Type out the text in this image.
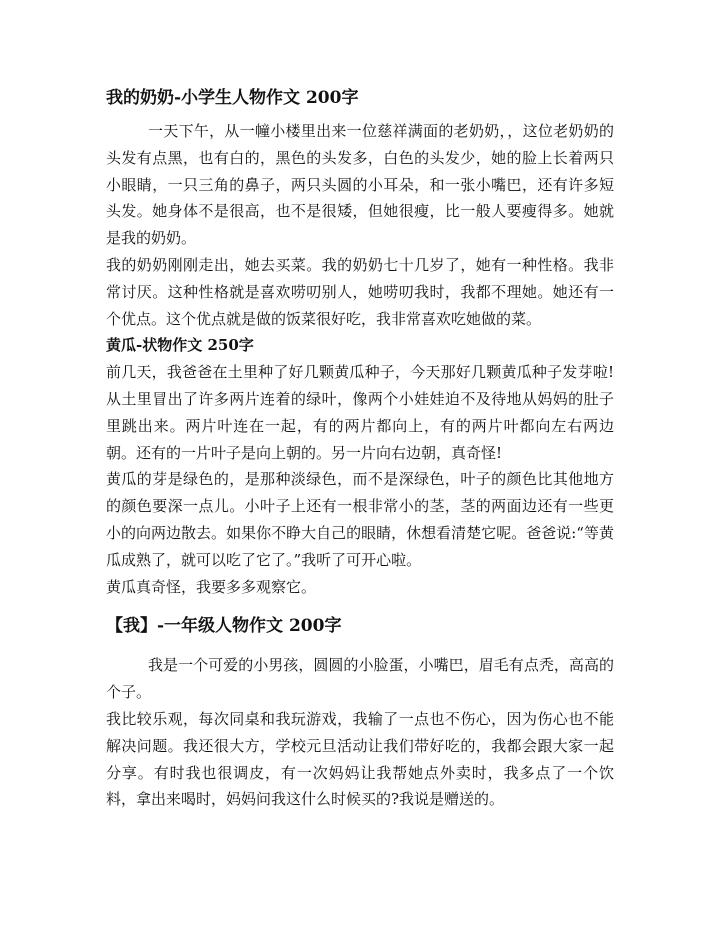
我的奶奶-小学生人物作文 200字

一天下午，从一幢小楼里出来一位慈祥满面的老奶奶，，这位老奶奶的头发有点黑，也有白的，黑色的头发多，白色的头发少，她的脸上长着两只小眼睛，一只三角的鼻子，两只头圆的小耳朵，和一张小嘴巴，还有许多短头发。她身体不是很高，也不是很矮，但她很瘦，比一般人要瘦得多。她就是我的奶奶。

我的奶奶刚刚走出，她去买菜。我的奶奶七十几岁了，她有一种性格。我非常讨厌。这种性格就是喜欢唠叨别人，她唠叨我时，我都不理她。她还有一个优点。这个优点就是做的饭菜很好吃，我非常喜欢吃她做的菜。

黄瓜-状物作文 250字

前几天，我爸爸在土里种了好几颗黄瓜种子，今天那好几颗黄瓜种子发芽啦!从土里冒出了许多两片连着的绿叶，像两个小娃娃迫不及待地从妈妈的肚子里跳出来。两片叶连在一起，有的两片都向上，有的两片叶都向左右两边朝。还有的一片叶子是向上朝的。另一片向右边朝，真奇怪!

黄瓜的芽是绿色的，是那种淡绿色，而不是深绿色，叶子的颜色比其他地方的颜色要深一点儿。小叶子上还有一根非常小的茎，茎的两面边还有一些更小的向两边散去。如果你不睁大自己的眼睛，休想看清楚它呢。爸爸说:“等黄瓜成熟了，就可以吃了它了。”我听了可开心啦。

黄瓜真奇怪，我要多多观察它。

【我】-一年级人物作文 200字

我是一个可爱的小男孩，圆圆的小脸蛋，小嘴巴，眉毛有点秃，高高的个子。

我比较乐观，每次同桌和我玩游戏，我输了一点也不伤心，因为伤心也不能解决问题。我还很大方，学校元旦活动让我们带好吃的，我都会跟大家一起分享。有时我也很调皮，有一次妈妈让我帮她点外卖时，我多点了一个饮料，拿出来喝时，妈妈问我这什么时候买的?我说是赠送的。
